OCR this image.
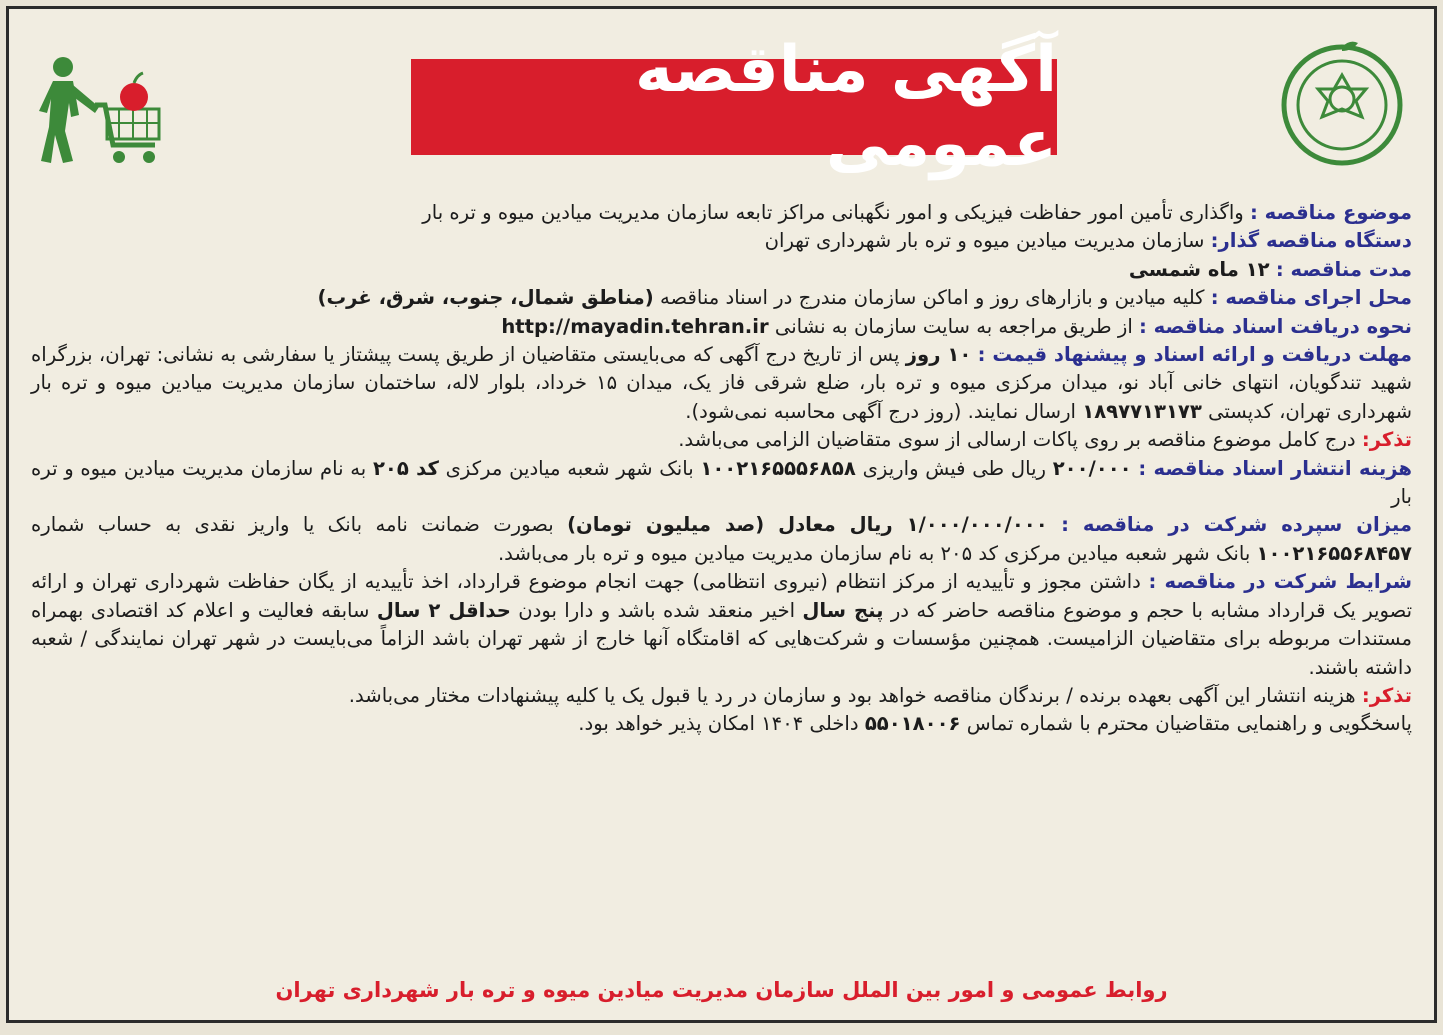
آگهی مناقصه عمومی

موضوع مناقصه : واگذاری تأمین امور حفاظت فیزیکی و امور نگهبانی مراکز تابعه سازمان مدیریت میادین میوه و تره بار

دستگاه مناقصه گذار: سازمان مدیریت میادین میوه و تره بار شهرداری تهران

مدت مناقصه : ۱۲ ماه شمسی

محل اجرای مناقصه : کلیه میادین و بازارهای روز و اماکن سازمان مندرج در اسناد مناقصه (مناطق شمال، جنوب، شرق، غرب)

نحوه دریافت اسناد مناقصه : از طریق مراجعه به سایت سازمان به نشانی http://mayadin.tehran.ir

مهلت دریافت و ارائه اسناد و پیشنهاد قیمت : ۱۰ روز پس از تاریخ درج آگهی که می‌بایستی متقاضیان از طریق پست پیشتاز یا سفارشی به نشانی: تهران، بزرگراه شهید تندگویان، انتهای خانی آباد نو، میدان مرکزی میوه و تره بار، ضلع شرقی فاز یک، میدان ۱۵ خرداد، بلوار لاله، ساختمان سازمان مدیریت میادین میوه و تره بار شهرداری تهران، کدپستی ۱۸۹۷۷۱۳۱۷۳ ارسال نمایند. (روز درج آگهی محاسبه نمی‌شود).

تذکر: درج کامل موضوع مناقصه بر روی پاکات ارسالی از سوی متقاضیان الزامی می‌باشد.

هزینه انتشار اسناد مناقصه : ۲۰۰/۰۰۰ ریال طی فیش واریزی ۱۰۰۲۱۶۵۵۵۶۸۵۸ بانک شهر شعبه میادین مرکزی کد ۲۰۵ به نام سازمان مدیریت میادین میوه و تره بار

میزان سپرده شرکت در مناقصه : ۱/۰۰۰/۰۰۰/۰۰۰ ریال معادل (صد میلیون تومان) بصورت ضمانت نامه بانک یا واریز نقدی به حساب شماره ۱۰۰۲۱۶۵۵۶۸۴۵۷ بانک شهر شعبه میادین مرکزی کد ۲۰۵ به نام سازمان مدیریت میادین میوه و تره بار می‌باشد.

شرایط شرکت در مناقصه : داشتن مجوز و تأییدیه از مرکز انتظام (نیروی انتظامی) جهت انجام موضوع قرارداد، اخذ تأییدیه از یگان حفاظت شهرداری تهران و ارائه تصویر یک قرارداد مشابه با حجم و موضوع مناقصه حاضر که در پنج سال اخیر منعقد شده باشد و دارا بودن حداقل ۲ سال سابقه فعالیت و اعلام کد اقتصادی بهمراه مستندات مربوطه برای متقاضیان الزامیست. همچنین مؤسسات و شرکت‌هایی که اقامتگاه آنها خارج از شهر تهران باشد الزاماً می‌بایست در شهر تهران نمایندگی / شعبه داشته باشند.

تذکر: هزینه انتشار این آگهی بعهده برنده / برندگان مناقصه خواهد بود و سازمان در رد یا قبول یک یا کلیه پیشنهادات مختار می‌باشد.

پاسخگویی و راهنمایی متقاضیان محترم با شماره تماس ۵۵۰۱۸۰۰۶ داخلی ۱۴۰۴ امکان پذیر خواهد بود.

روابط عمومی و امور بین الملل سازمان مدیریت میادین میوه و تره بار شهرداری تهران
